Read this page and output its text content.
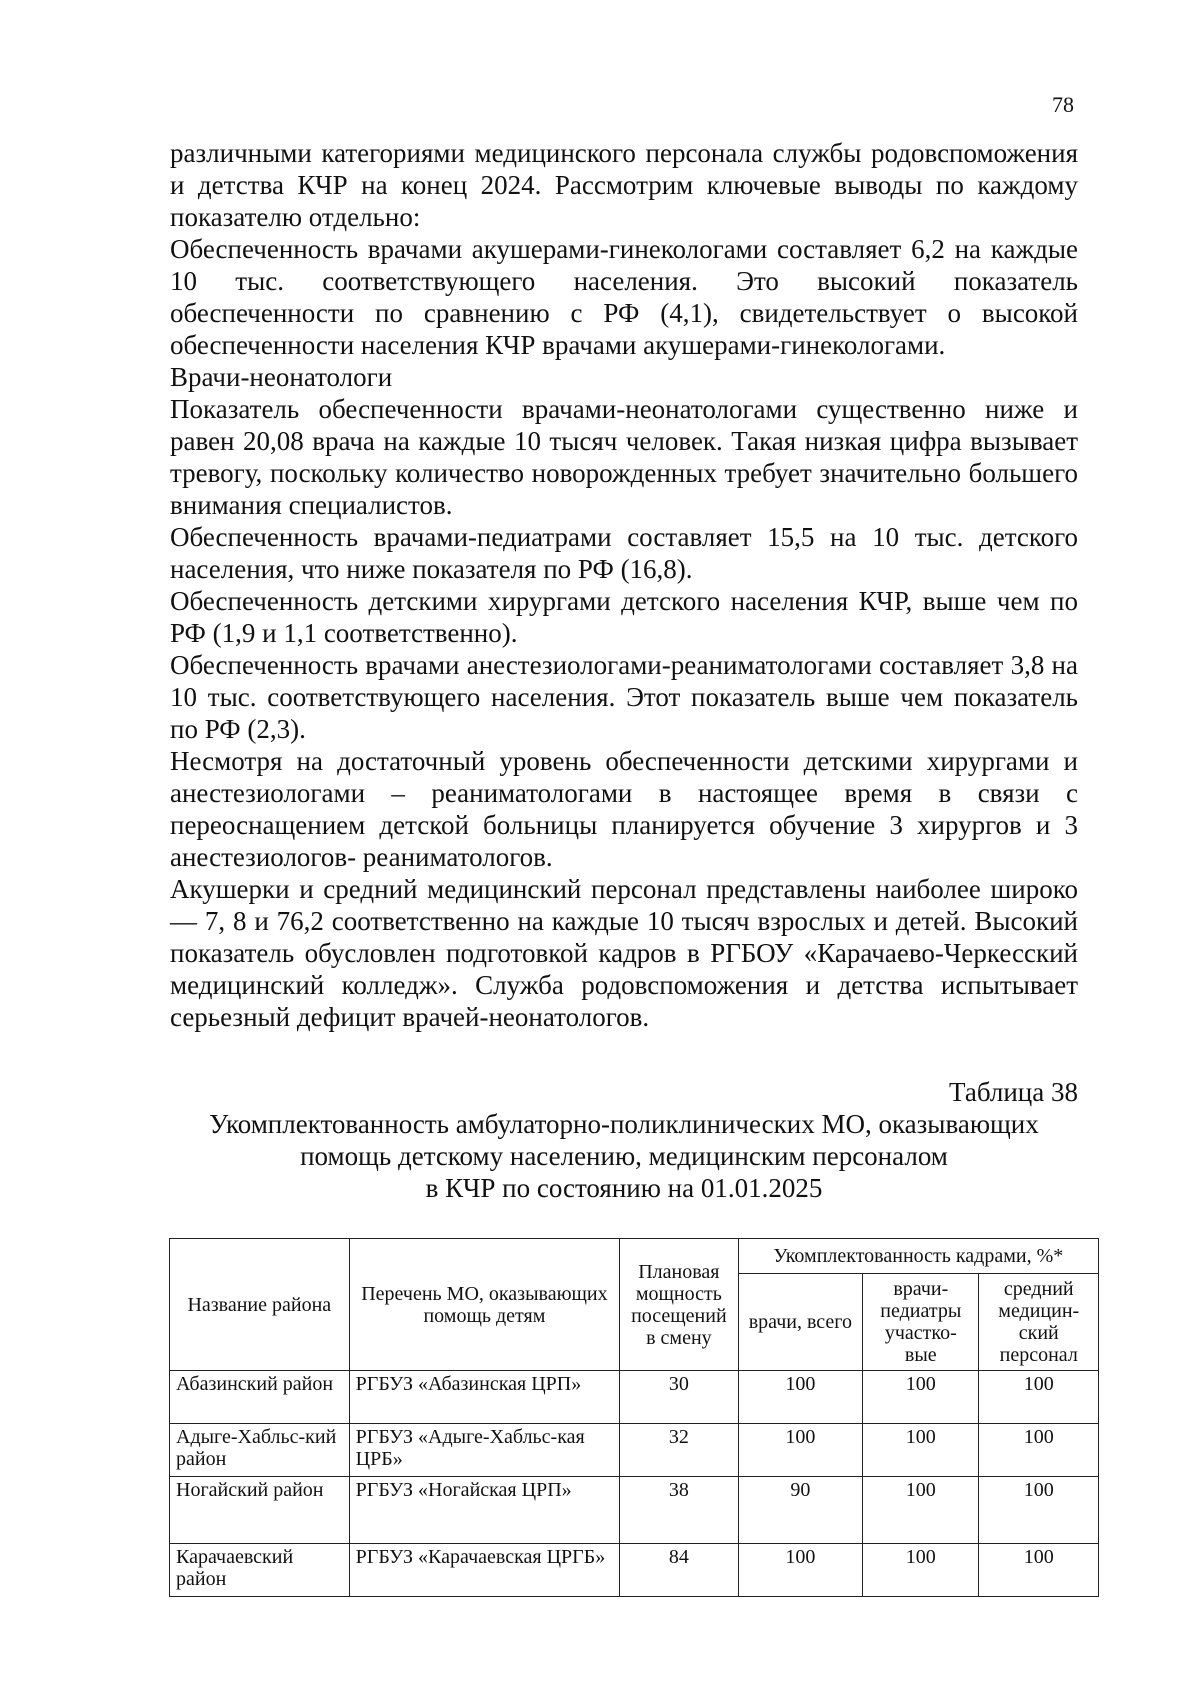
78

различными категориями медицинского персонала службы родовспоможения и детства КЧР на конец 2024. Рассмотрим ключевые выводы по каждому показателю отдельно:

Обеспеченность врачами акушерами-гинекологами составляет 6,2 на каждые 10 тыс. соответствующего населения. Это высокий показатель обеспеченности по сравнению с РФ (4,1), свидетельствует о высокой обеспеченности населения КЧР врачами акушерами-гинекологами.

Врачи-неонатологи

Показатель обеспеченности врачами-неонатологами существенно ниже и равен 20,08 врача на каждые 10 тысяч человек. Такая низкая цифра вызывает тревогу, поскольку количество новорожденных требует значительно большего внимания специалистов.

Обеспеченность врачами-педиатрами составляет 15,5 на 10 тыс. детского населения, что ниже показателя по РФ (16,8).

Обеспеченность детскими хирургами детского населения КЧР, выше чем по РФ (1,9 и 1,1 соответственно).

Обеспеченность врачами анестезиологами-реаниматологами составляет 3,8 на 10 тыс. соответствующего населения. Этот показатель выше чем показатель по РФ (2,3).

Несмотря на достаточный уровень обеспеченности детскими хирургами и анестезиологами – реаниматологами в настоящее время в связи с переоснащением детской больницы планируется обучение 3 хирургов и 3 анестезиологов- реаниматологов.

Акушерки и средний медицинский персонал представлены наиболее широко — 7, 8 и 76,2 соответственно на каждые 10 тысяч взрослых и детей. Высокий показатель обусловлен подготовкой кадров в РГБОУ «Карачаево-Черкесский медицинский колледж». Служба родовспоможения и детства испытывает серьезный дефицит врачей-неонатологов.

Таблица 38
Укомплектованность амбулаторно-поликлинических МО, оказывающих
помощь детскому населению, медицинским персоналом
в КЧР по состоянию на 01.01.2025
Название района	Перечень МО, оказывающих помощь детям	Плановая мощность посещений в смену	Укомплектованность кадрами, %*		
			врачи, всего	врачи-педиатры участко-вые	средний медицин-ский персонал
Абазинский район	РГБУЗ «Абазинская ЦРП»	30	100	100	100
Адыге-Хабльс-кий район	РГБУЗ «Адыге-Хабльс-кая ЦРБ»	32	100	100	100
Ногайский район	РГБУЗ «Ногайская ЦРП»	38	90	100	100
Карачаевский район	РГБУЗ «Карачаевская ЦРГБ»	84	100	100	100
